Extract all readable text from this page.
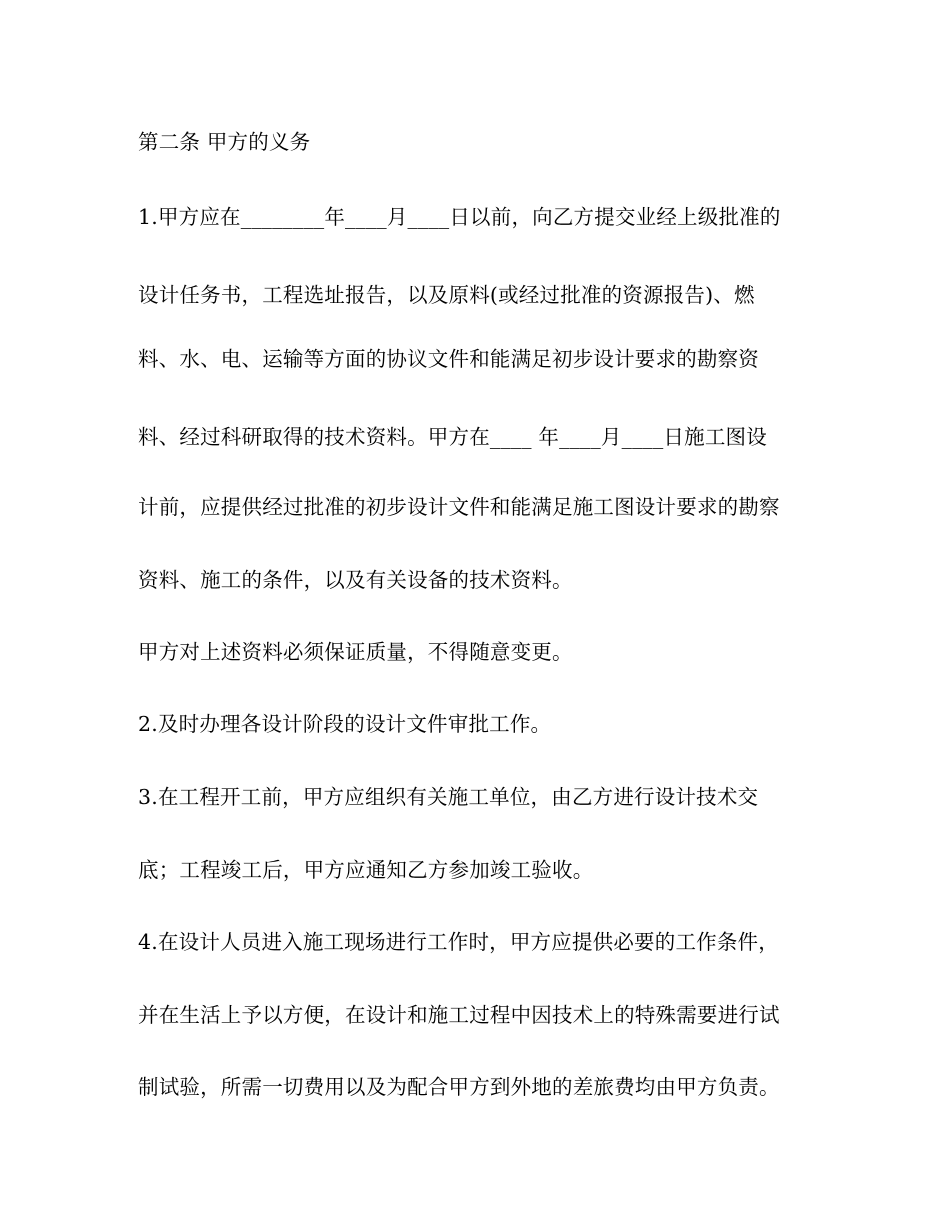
第二条 甲方的义务
1.甲方应在________年____月____日以前，向乙方提交业经上级批准的
设计任务书，工程选址报告，以及原料(或经过批准的资源报告)、燃
料、水、电、运输等方面的协议文件和能满足初步设计要求的勘察资
料、经过科研取得的技术资料。甲方在____ 年____月____日施工图设
计前，应提供经过批准的初步设计文件和能满足施工图设计要求的勘察
资料、施工的条件，以及有关设备的技术资料。
甲方对上述资料必须保证质量，不得随意变更。
2.及时办理各设计阶段的设计文件审批工作。
3.在工程开工前，甲方应组织有关施工单位，由乙方进行设计技术交
底；工程竣工后，甲方应通知乙方参加竣工验收。
4.在设计人员进入施工现场进行工作时，甲方应提供必要的工作条件，
并在生活上予以方便，在设计和施工过程中因技术上的特殊需要进行试
制试验，所需一切费用以及为配合甲方到外地的差旅费均由甲方负责。
